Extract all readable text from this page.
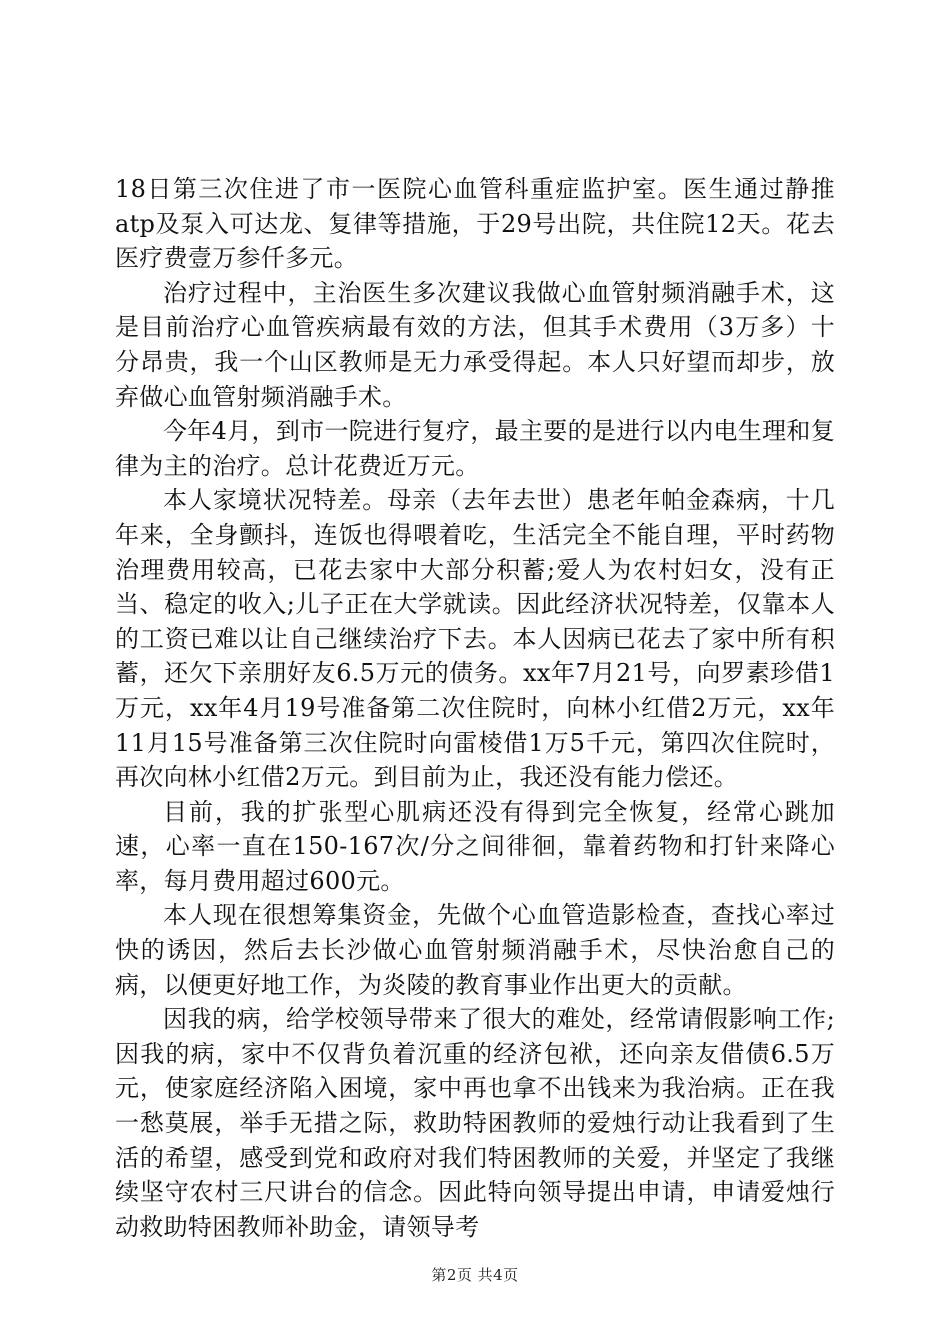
18日第三次住进了市一医院心血管科重症监护室。医生通过静推atp及泵入可达龙、复律等措施，于29号出院，共住院12天。花去医疗费壹万参仟多元。

治疗过程中，主治医生多次建议我做心血管射频消融手术，这是目前治疗心血管疾病最有效的方法，但其手术费用（3万多）十分昂贵，我一个山区教师是无力承受得起。本人只好望而却步，放弃做心血管射频消融手术。

今年4月，到市一院进行复疗，最主要的是进行以内电生理和复律为主的治疗。总计花费近万元。

本人家境状况特差。母亲（去年去世）患老年帕金森病，十几年来，全身颤抖，连饭也得喂着吃，生活完全不能自理，平时药物治理费用较高，已花去家中大部分积蓄;爱人为农村妇女，没有正当、稳定的收入;儿子正在大学就读。因此经济状况特差，仅靠本人的工资已难以让自己继续治疗下去。本人因病已花去了家中所有积蓄，还欠下亲朋好友6.5万元的债务。xx年7月21号，向罗素珍借1万元，xx年4月19号准备第二次住院时，向林小红借2万元，xx年11月15号准备第三次住院时向雷棱借1万5千元，第四次住院时，再次向林小红借2万元。到目前为止，我还没有能力偿还。

目前，我的扩张型心肌病还没有得到完全恢复，经常心跳加速，心率一直在150-167次/分之间徘徊，靠着药物和打针来降心率，每月费用超过600元。

本人现在很想筹集资金，先做个心血管造影检查，查找心率过快的诱因，然后去长沙做心血管射频消融手术，尽快治愈自己的病，以便更好地工作，为炎陵的教育事业作出更大的贡献。

因我的病，给学校领导带来了很大的难处，经常请假影响工作;因我的病，家中不仅背负着沉重的经济包袱，还向亲友借债6.5万元，使家庭经济陷入困境，家中再也拿不出钱来为我治病。正在我一愁莫展，举手无措之际，救助特困教师的爱烛行动让我看到了生活的希望，感受到党和政府对我们特困教师的关爱，并坚定了我继续坚守农村三尺讲台的信念。因此特向领导提出申请，申请爱烛行动救助特困教师补助金，请领导考

第2页 共4页
